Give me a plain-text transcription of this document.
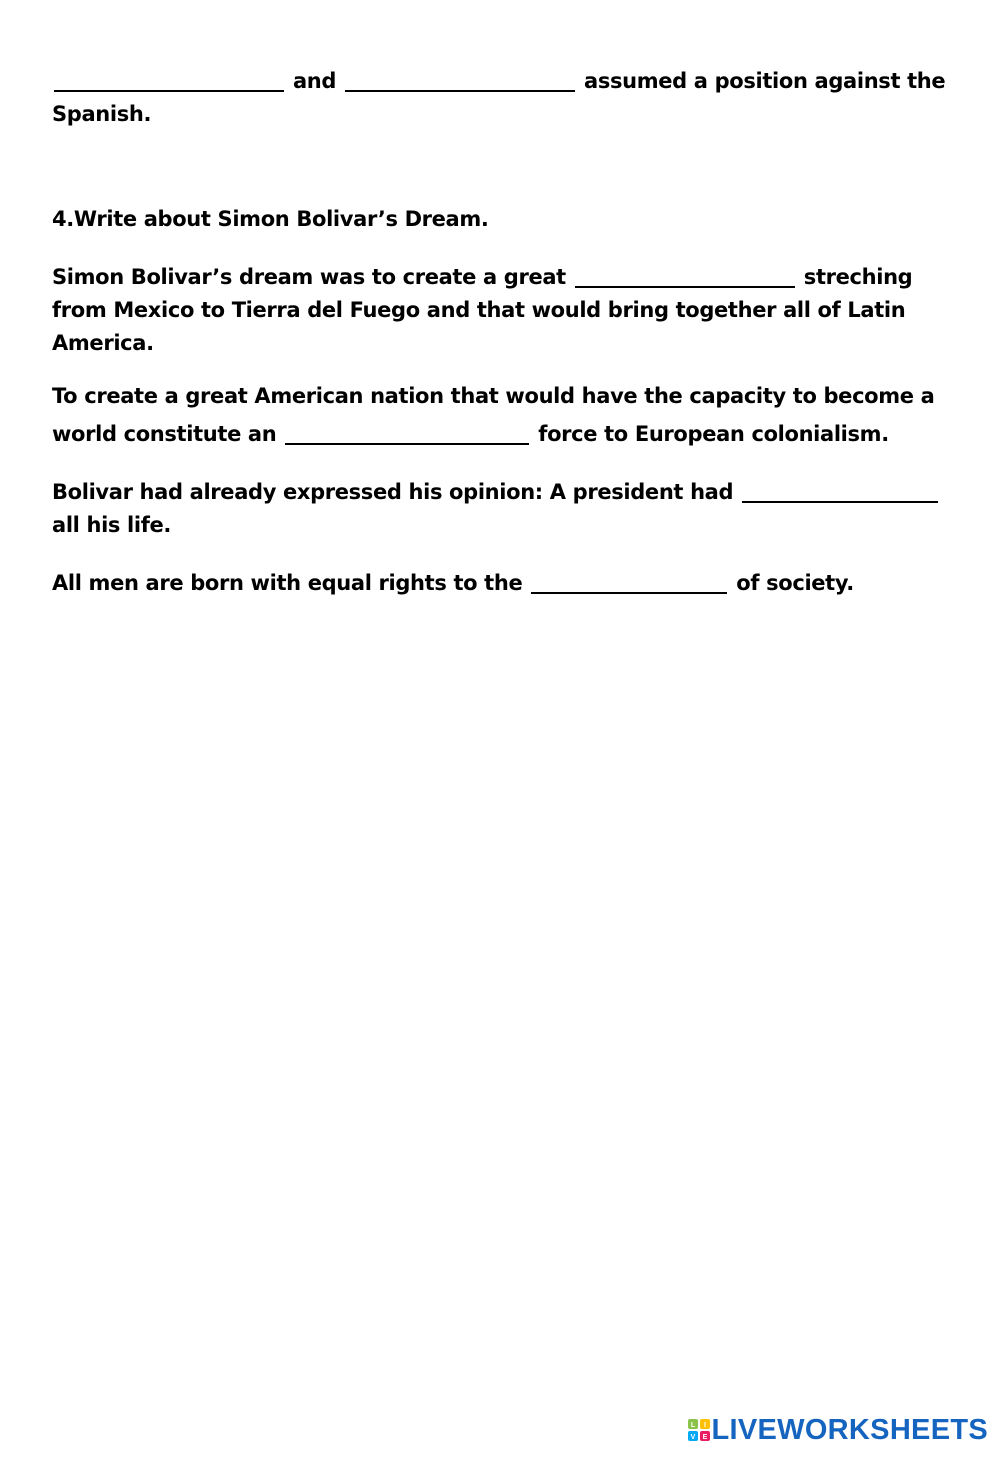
and	assumed a position against the Spanish.

4.Write about Simon Bolivar’s Dream.

Simon Bolivar’s dream was to create a great	streching from Mexico to Tierra del Fuego and that would bring together all of Latin America.

To create a great American nation that would have the capacity to become a world constitute an	force to European colonialism.

Bolivar had already expressed his opinion: A president had  all his life.

All men are born with equal rights to the	of society.

L I
V E LIVEWORKSHEETS
